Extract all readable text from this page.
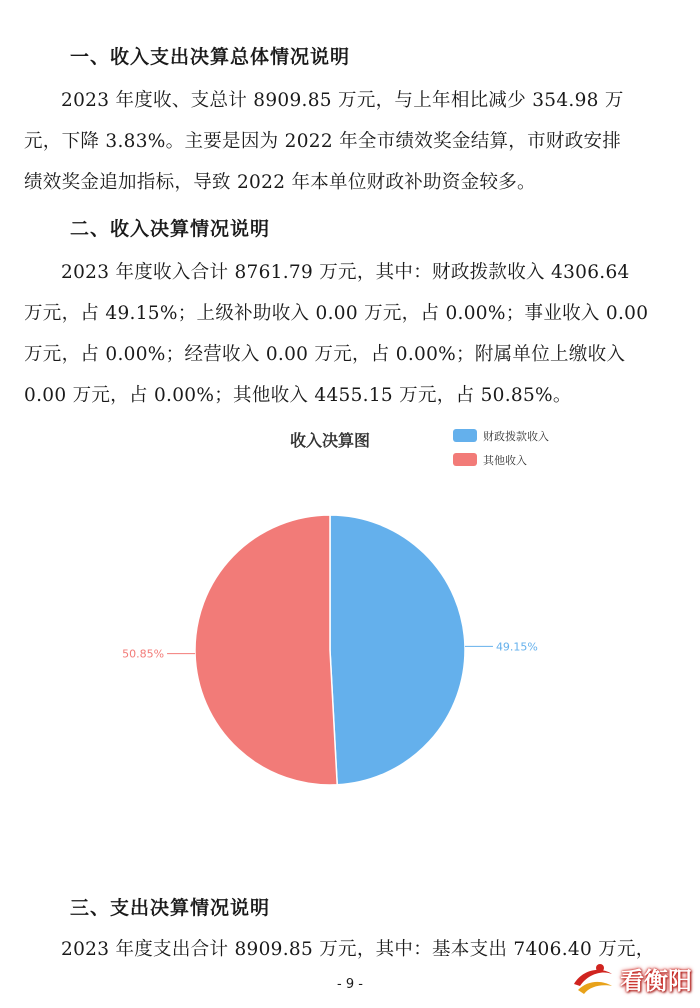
一、收入支出决算总体情况说明

2023 年度收、支总计 8909.85 万元，与上年相比减少 354.98 万

元，下降 3.83%。主要是因为 2022 年全市绩效奖金结算，市财政安排

绩效奖金追加指标，导致 2022 年本单位财政补助资金较多。

二、收入决算情况说明

2023 年度收入合计 8761.79 万元，其中：财政拨款收入 4306.64

万元，占 49.15%；上级补助收入 0.00 万元，占 0.00%；事业收入 0.00

万元，占 0.00%；经营收入 0.00 万元，占 0.00%；附属单位上缴收入

0.00 万元，占 0.00%；其他收入 4455.15 万元，占 50.85%。

收入决算图	财政拨款收入
其他收入
49.15%
50.85%
三、支出决算情况说明

2023 年度支出合计 8909.85 万元，其中：基本支出 7406.40 万元，

- 9 -	看衡阳
